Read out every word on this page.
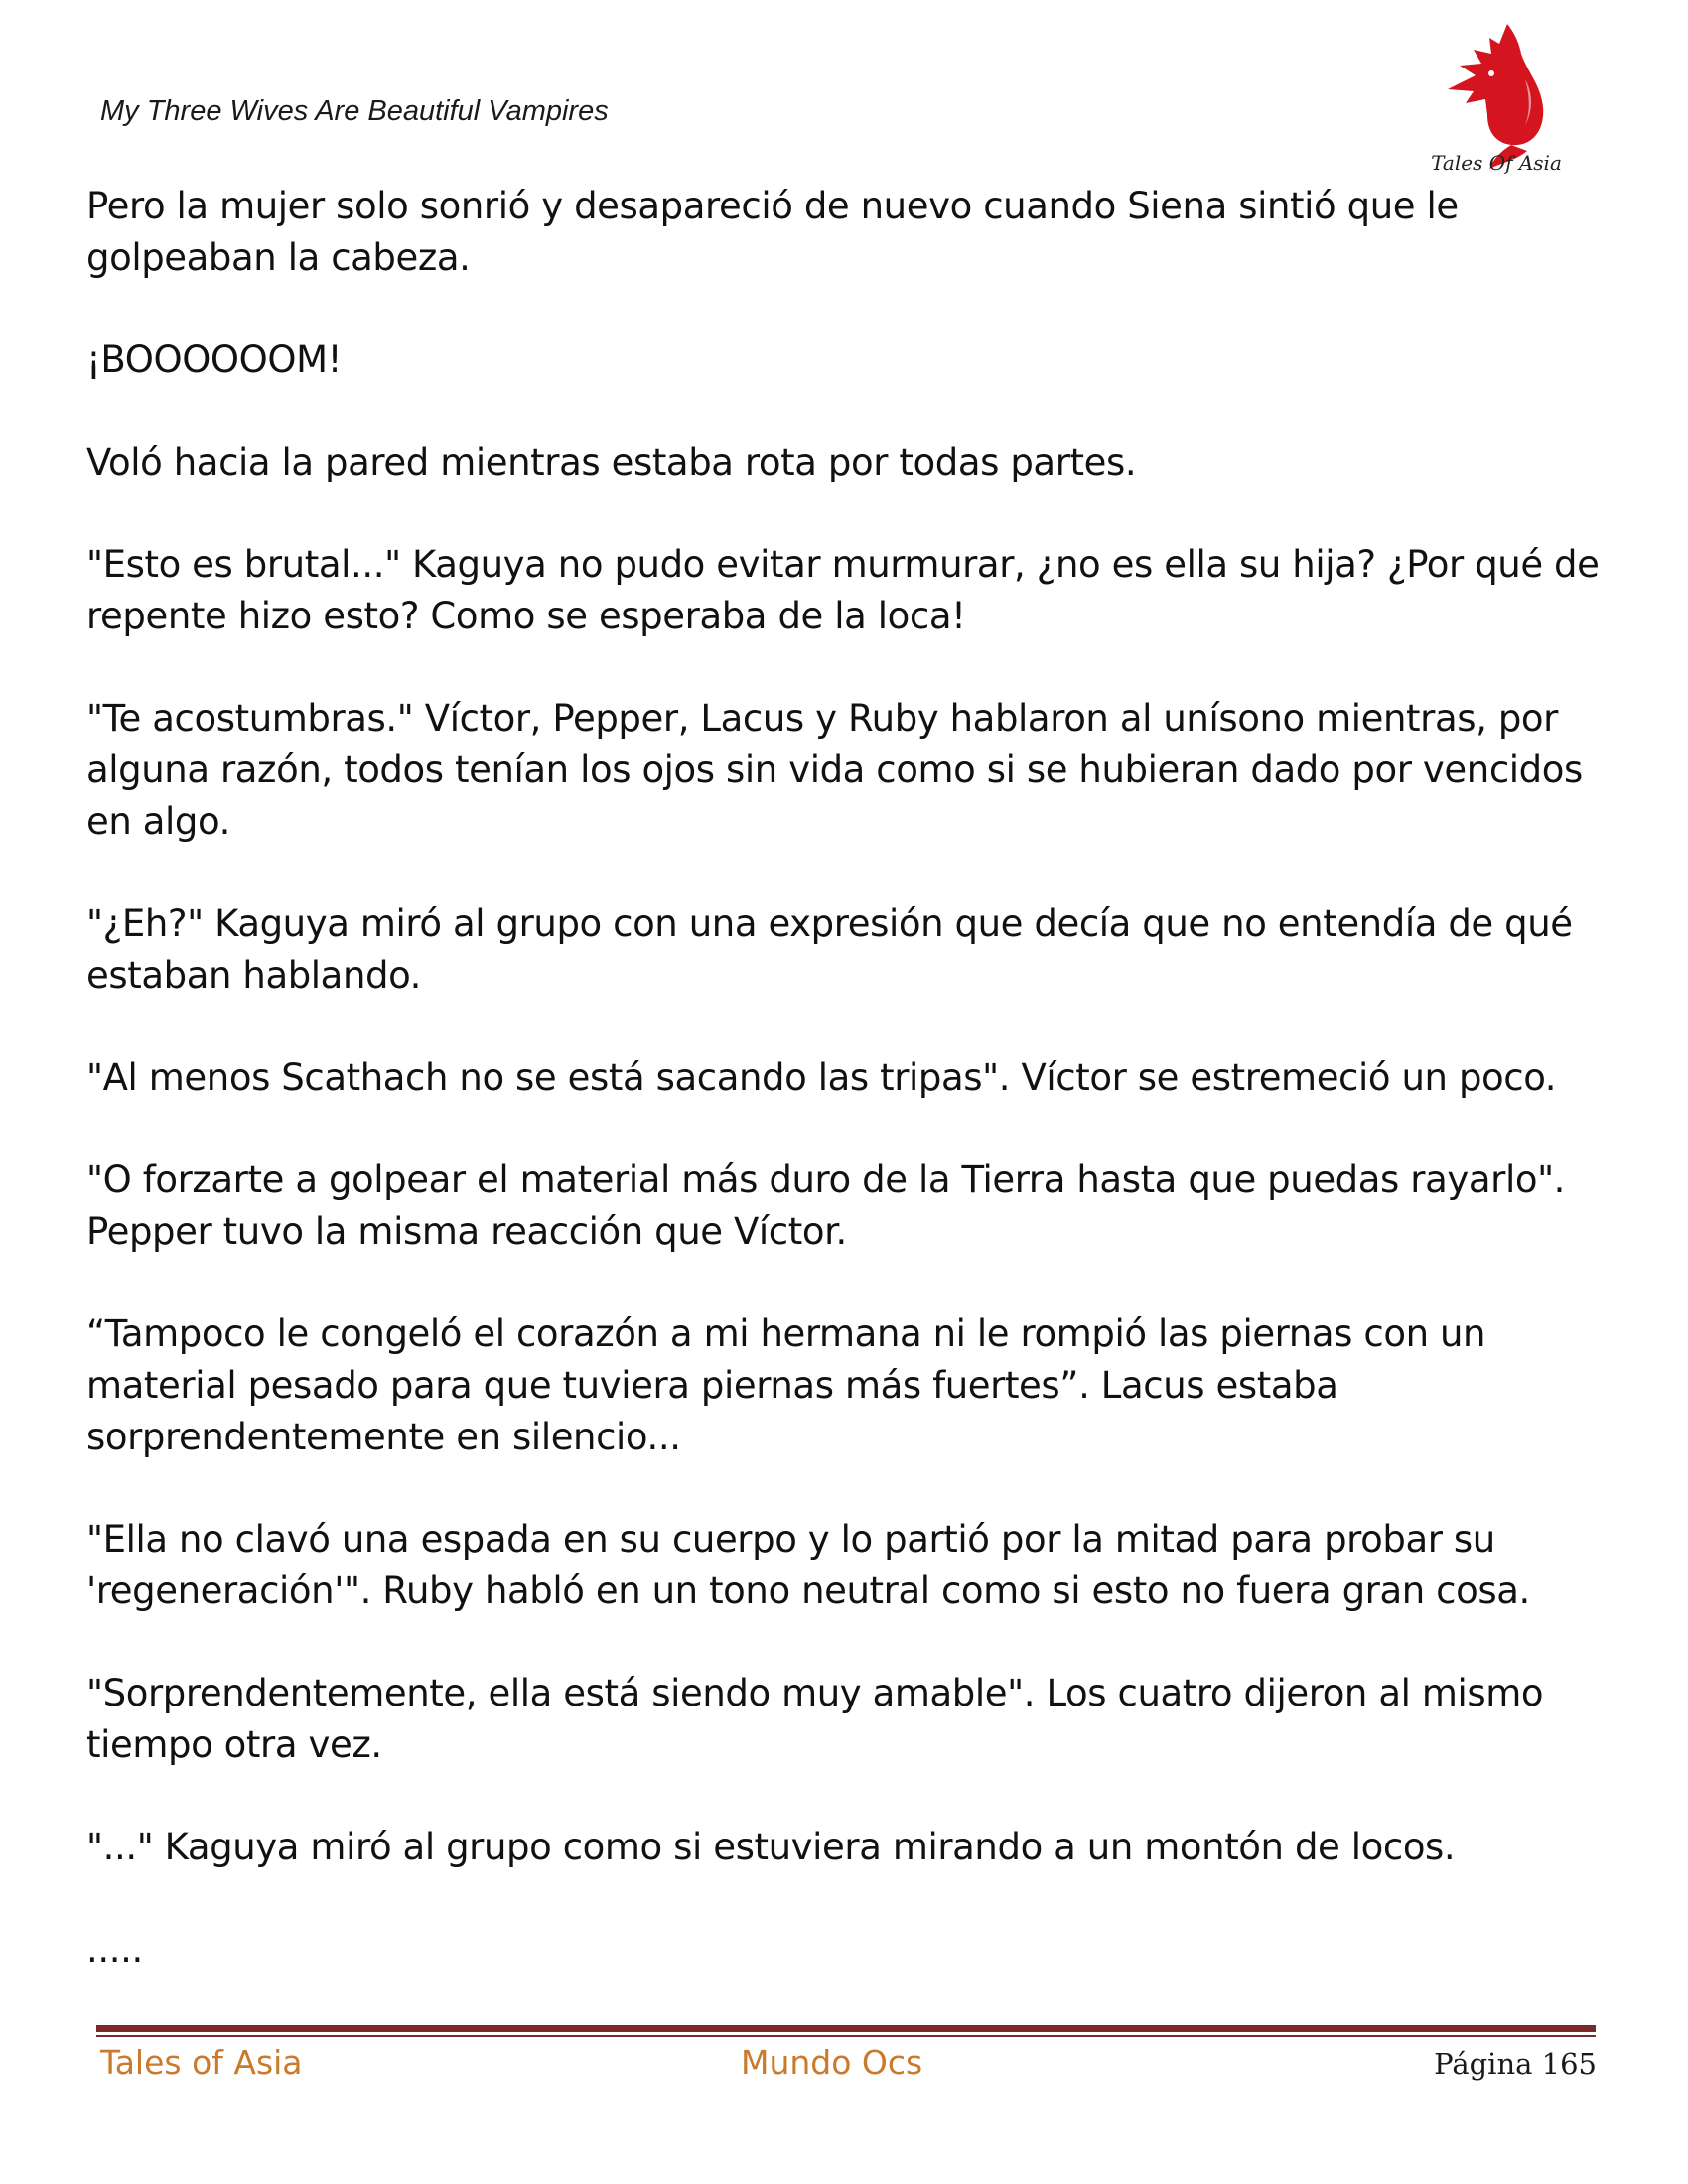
My Three Wives Are Beautiful Vampires
Tales Of Asia

Pero la mujer solo sonrió y desapareció de nuevo cuando Siena sintió que le golpeaban la cabeza.

¡BOOOOOOM!

Voló hacia la pared mientras estaba rota por todas partes.

"Esto es brutal..." Kaguya no pudo evitar murmurar, ¿no es ella su hija? ¿Por qué de repente hizo esto? Como se esperaba de la loca!

"Te acostumbras." Víctor, Pepper, Lacus y Ruby hablaron al unísono mientras, por alguna razón, todos tenían los ojos sin vida como si se hubieran dado por vencidos en algo.

"¿Eh?" Kaguya miró al grupo con una expresión que decía que no entendía de qué estaban hablando.

"Al menos Scathach no se está sacando las tripas". Víctor se estremeció un poco.

"O forzarte a golpear el material más duro de la Tierra hasta que puedas rayarlo". Pepper tuvo la misma reacción que Víctor.

“Tampoco le congeló el corazón a mi hermana ni le rompió las piernas con un material pesado para que tuviera piernas más fuertes”. Lacus estaba sorprendentemente en silencio...

"Ella no clavó una espada en su cuerpo y lo partió por la mitad para probar su 'regeneración'". Ruby habló en un tono neutral como si esto no fuera gran cosa.

"Sorprendentemente, ella está siendo muy amable". Los cuatro dijeron al mismo tiempo otra vez.

"..." Kaguya miró al grupo como si estuviera mirando a un montón de locos.

.....

Tales of Asia	Mundo Ocs	Página 165
